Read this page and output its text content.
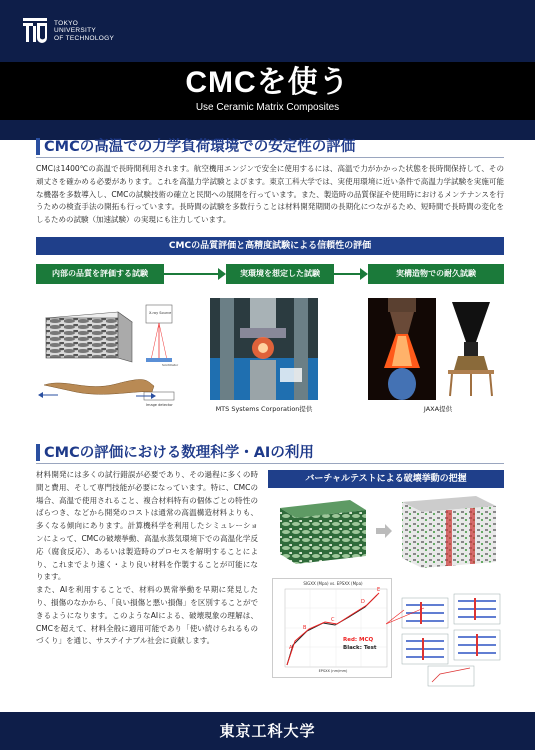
TOKYO
UNIVERSITY
OF TECHNOLOGY
CMCを使う
Use Ceramic Matrix Composites
CMCの高温での力学負荷環境での安定性の評価
CMCは1400℃の高温で長時間利用されます。航空機用エンジンで安全に使用するには、高温で力がかかった状態を長時間保持して、その頑丈さを確かめる必要があります。これを高温力学試験とよびます。東京工科大学では、実使用環境に近い条件で高温力学試験を実施可能な機器を多数導入し、CMCの試験技術の確立と民間への展開を行っています。また、製造時の品質保証や使用時におけるメンテナンスを行うための検査手法の開拓も行っています。長時間の試験を多数行うことは材料開発期間の長期化につながるため、短時間で長時間の変化をしるための試験（加速試験）の実現にも注力しています。
CMCの品質評価と高精度試験による信頼性の評価
内部の品質を評価する試験	実環境を想定した試験	実構造物での耐久試験
X-ray Source
Scintillator
Image detector	MTS Systems Corporation提供	JAXA提供
CMCの評価における数理科学・AIの利用
材料開発には多くの試行錯誤が必要であり、その過程に多くの時間と費用、そして専門技能が必要になっています。特に、CMCの場合、高温で使用されること、複合材料特有の個体ごとの特性のばらつき、などから開発のコストは通常の高温構造材料よりも、多くなる傾向にあります。計算機科学を利用したシミュレーションによって、CMCの破壊挙動、高温水蒸気環境下での高温化学反応（腐食反応）、あるいは製造時のプロセスを解明することにより、これまでより速く・より良い材料を作製することが可能になります。
また、AIを利用することで、材料の異常挙動を早期に発見したり、損傷のなかから、「良い損傷と悪い損傷」を区別することができるようになります。このようなAIによる、破壊現象の理解は、CMCを超えて、材料全般に適用可能であり「使い続けられるものづくり」を通じ、サステイナブル社会に貢献します。
バーチャルテストによる破壊挙動の把握
SIGXX (Mpa) vs. EPSXX (Mpa)
A
B
C
D
E
Red: MCQ
Black: Test
EPSXX (nm/mm)
東京工科大学
